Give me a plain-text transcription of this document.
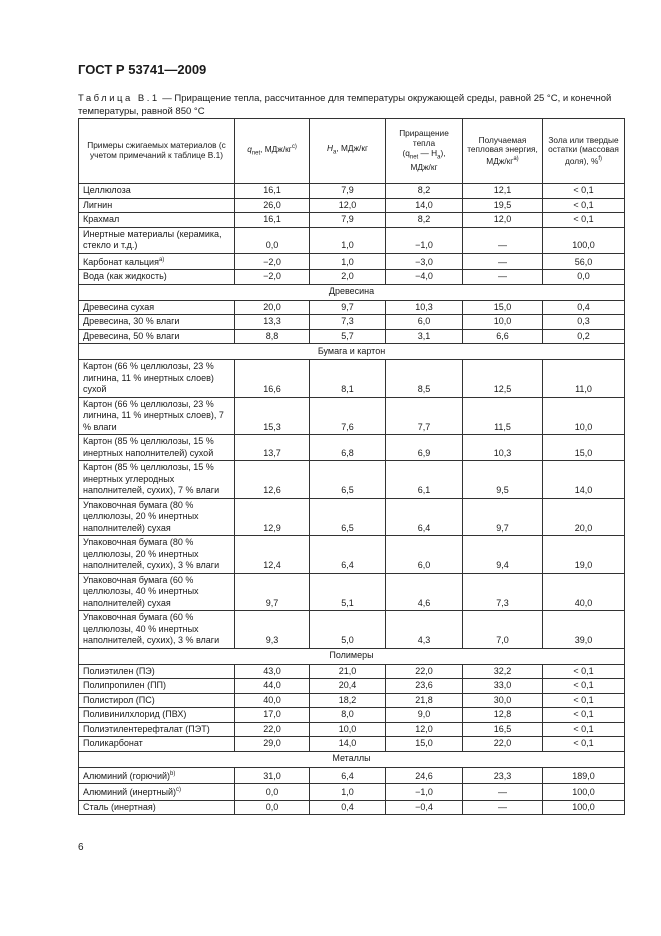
ГОСТ Р 53741—2009

Таблица В.1 — Приращение тепла, рассчитанное для температуры окружающей среды, равной 25 °С, и конечной температуры, равной 850 °С

Примеры сжигаемых материалов (с учетом примечаний к таблице В.1)	$q_{net}$, МДж/$кг^{c)}$	$H_a$, МДж/кг	Приращение тепла
($q_{net}$ — $H_a$),
МДж/кг	Получаемая тепловая энергия, МДж/$кг^{a)}$	Зола или твердые остатки (массовая доля), %$^{f)}$
Целлюлоза	16,1	7,9	8,2	12,1	< 0,1
Лигнин	26,0	12,0	14,0	19,5	< 0,1
Крахмал	16,1	7,9	8,2	12,0	< 0,1
Инертные материалы (керамика, стекло и т.д.)	0,0	1,0	−1,0	—	100,0
Карбонат кальция$^{a)}$	−2,0	1,0	−3,0	—	56,0
Вода (как жидкость)	−2,0	2,0	−4,0	—	0,0
Древесина					
Древесина сухая	20,0	9,7	10,3	15,0	0,4
Древесина, 30 % влаги	13,3	7,3	6,0	10,0	0,3
Древесина, 50 % влаги	8,8	5,7	3,1	6,6	0,2
Бумага и картон					
Картон (66 % целлюлозы, 23 % лигнина, 11 % инертных слоев) сухой	16,6	8,1	8,5	12,5	11,0
Картон (66 % целлюлозы, 23 % лигнина, 11 % инертных слоев), 7 % влаги	15,3	7,6	7,7	11,5	10,0
Картон (85 % целлюлозы, 15 % инертных наполнителей) сухой	13,7	6,8	6,9	10,3	15,0
Картон (85 % целлюлозы, 15 % инертных углеродных наполнителей, сухих), 7 % влаги	12,6	6,5	6,1	9,5	14,0
Упаковочная бумага (80 % целлюлозы, 20 % инертных наполнителей) сухая	12,9	6,5	6,4	9,7	20,0
Упаковочная бумага (80 % целлюлозы, 20 % инертных наполнителей, сухих), 3 % влаги	12,4	6,4	6,0	9,4	19,0
Упаковочная бумага (60 % целлюлозы, 40 % инертных наполнителей) сухая	9,7	5,1	4,6	7,3	40,0
Упаковочная бумага (60 % целлюлозы, 40 % инертных наполнителей, сухих), 3 % влаги	9,3	5,0	4,3	7,0	39,0
Полимеры					
Полиэтилен (ПЭ)	43,0	21,0	22,0	32,2	< 0,1
Полипропилен (ПП)	44,0	20,4	23,6	33,0	< 0,1
Полистирол (ПС)	40,0	18,2	21,8	30,0	< 0,1
Поливинилхлорид (ПВХ)	17,0	8,0	9,0	12,8	< 0,1
Полиэтилентерефталат (ПЭТ)	22,0	10,0	12,0	16,5	< 0,1
Поликарбонат	29,0	14,0	15,0	22,0	< 0,1
Металлы					
Алюминий (горючий)$^{b)}$	31,0	6,4	24,6	23,3	189,0
Алюминий (инертный)$^{c)}$	0,0	1,0	−1,0	—	100,0
Сталь (инертная)	0,0	0,4	−0,4	—	100,0

6
